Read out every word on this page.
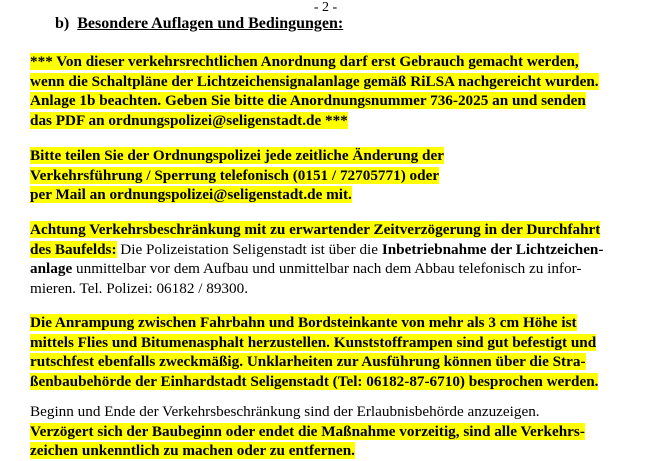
- 2 -
b) Besondere Auflagen und Bedingungen:
*** Von dieser verkehrsrechtlichen Anordnung darf erst Gebrauch gemacht werden,
wenn die Schaltpläne der Lichtzeichensignalanlage gemäß RiLSA nachgereicht wurden.
Anlage 1b beachten. Geben Sie bitte die Anordnungsnummer 736-2025 an und senden
das PDF an ordnungspolizei@seligenstadt.de ***
Bitte teilen Sie der Ordnungspolizei jede zeitliche Änderung der
Verkehrsführung / Sperrung telefonisch (0151 / 72705771) oder
per Mail an ordnungspolizei@seligenstadt.de mit.
Achtung Verkehrsbeschränkung mit zu erwartender Zeitverzögerung in der Durchfahrt
des Baufelds: Die Polizeistation Seligenstadt ist über die Inbetriebnahme der Lichtzeichen-
anlage unmittelbar vor dem Aufbau und unmittelbar nach dem Abbau telefonisch zu infor-
mieren. Tel. Polizei: 06182 / 89300.
Die Anrampung zwischen Fahrbahn und Bordsteinkante von mehr als 3 cm Höhe ist
mittels Flies und Bitumenasphalt herzustellen. Kunststofframpen sind gut befestigt und
rutschfest ebenfalls zweckmäßig. Unklarheiten zur Ausführung können über die Stra-
ßenbaubehörde der Einhardstadt Seligenstadt (Tel: 06182-87-6710) besprochen werden.
Beginn und Ende der Verkehrsbeschränkung sind der Erlaubnisbehörde anzuzeigen.
Verzögert sich der Baubeginn oder endet die Maßnahme vorzeitig, sind alle Verkehrs-
zeichen unkenntlich zu machen oder zu entfernen.
